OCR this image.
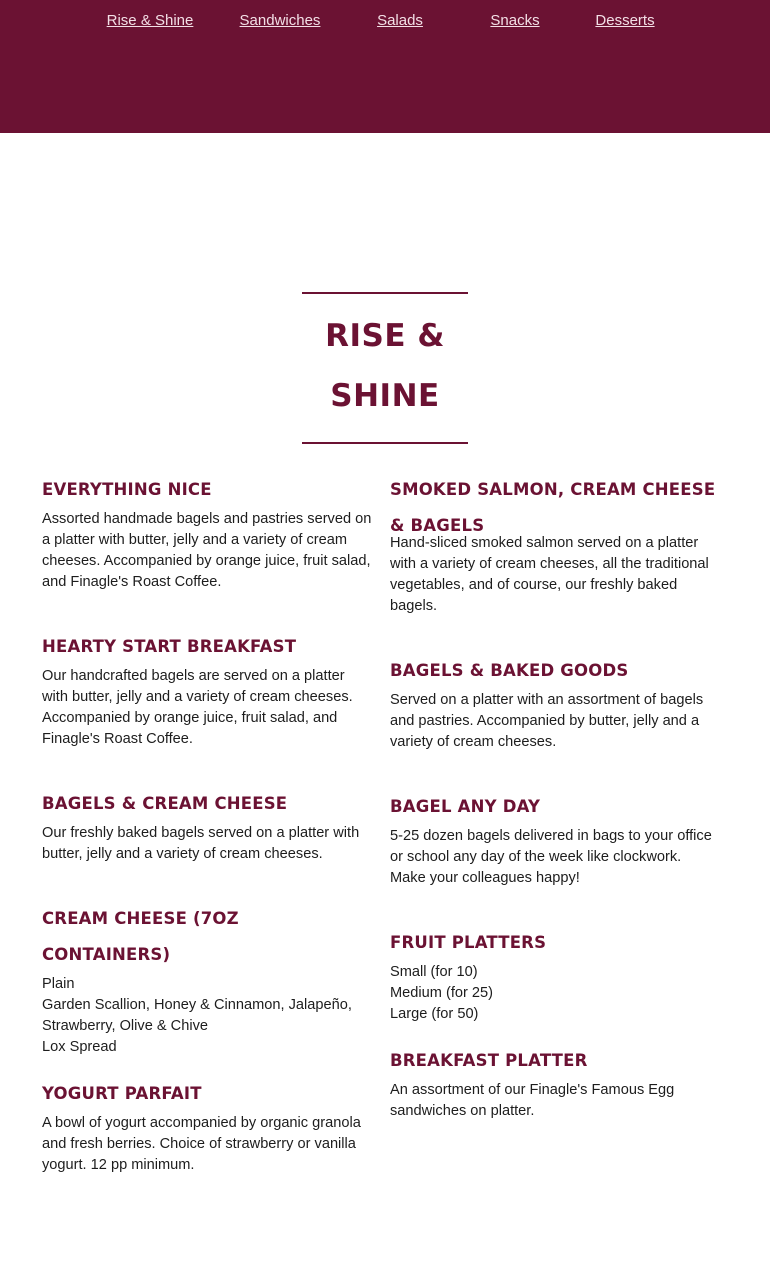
Rise & Shine	Sandwiches	Salads	Snacks	Desserts
RISE &
SHINE
EVERYTHING NICE

Assorted handmade bagels and pastries served on a platter with butter, jelly and a variety of cream cheeses. Accompanied by orange juice, fruit salad, and Finagle's Roast Coffee.

HEARTY START BREAKFAST

Our handcrafted bagels are served on a platter with butter, jelly and a variety of cream cheeses. Accompanied by orange juice, fruit salad, and Finagle's Roast Coffee.

BAGELS & CREAM CHEESE

Our freshly baked bagels served on a platter with butter, jelly and a variety of cream cheeses.

CREAM CHEESE (7OZ CONTAINERS)

Plain

Garden Scallion, Honey & Cinnamon, Jalapeño, Strawberry, Olive & Chive

Lox Spread

YOGURT PARFAIT

A bowl of yogurt accompanied by organic granola and fresh berries. Choice of strawberry or vanilla yogurt. 12 pp minimum.

SMOKED SALMON, CREAM CHEESE & BAGELS

Hand-sliced smoked salmon served on a platter with a variety of cream cheeses, all the traditional vegetables, and of course, our freshly baked bagels.

BAGELS & BAKED GOODS

Served on a platter with an assortment of bagels and pastries. Accompanied by butter, jelly and a variety of cream cheeses.

BAGEL ANY DAY

5-25 dozen bagels delivered in bags to your office or school any day of the week like clockwork. Make your colleagues happy!

FRUIT PLATTERS

Small (for 10)

Medium (for 25)

Large (for 50)

BREAKFAST PLATTER

An assortment of our Finagle's Famous Egg sandwiches on platter.
